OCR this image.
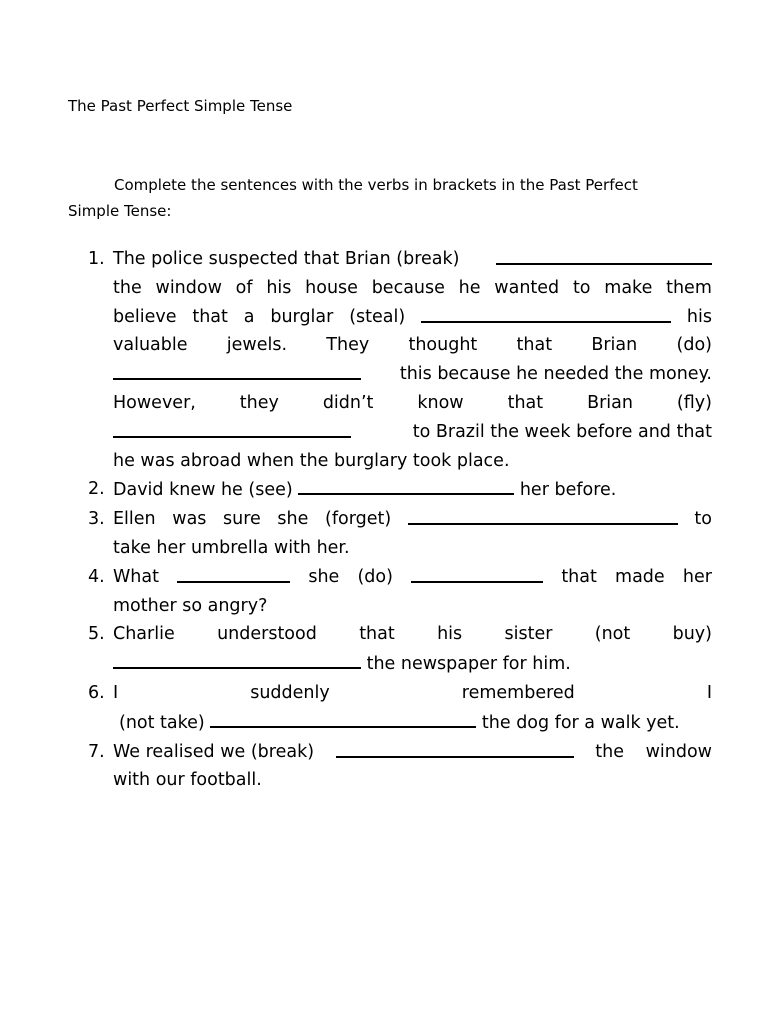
The Past Perfect Simple Tense
Complete the sentences with the verbs in brackets in the Past Perfect
Simple Tense:
1. The police suspected that Brian (break)
the window of his house because he wanted to make them
believe that a burglar (steal)	his
valuable jewels. They thought that Brian (do)
this because he needed the money.
However,	they	didn’t	know	that	Brian	(fly)
to Brazil the week before and that
he was abroad when the burglary took place.
2. David knew he (see)	her before.
3. Ellen was sure she (forget)	to
take her umbrella with her.
4. What	she (do)	that made her
mother so angry?
5. Charlie understood that his sister (not buy)
the newspaper for him.
6. I	suddenly	remembered	I
(not take)	the dog for a walk yet.
7. We realised we (break)	the window
with our football.
